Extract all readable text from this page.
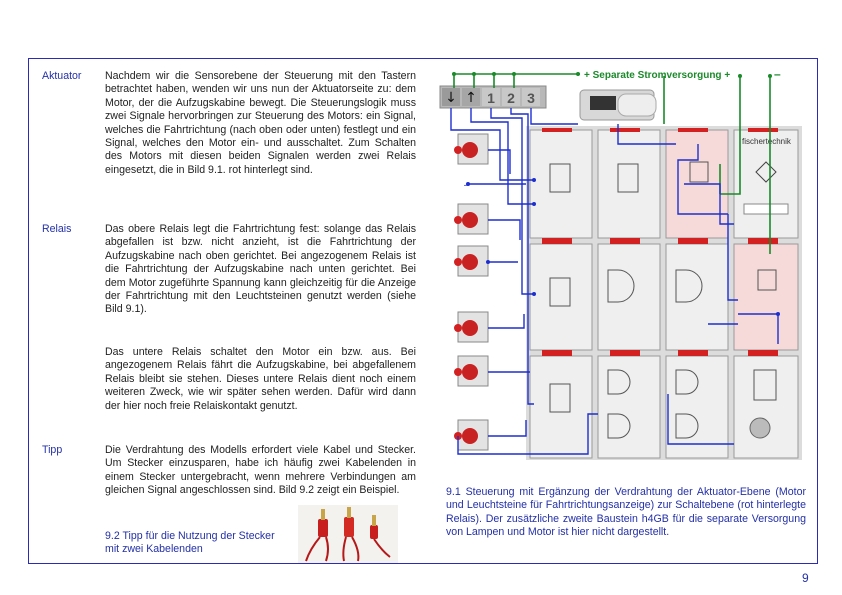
Aktuator Nachdem wir die Sensorebene der Steuerung mit den Tastern betrachtet haben, wenden wir uns nun der Aktuatorseite zu: dem Motor, der die Aufzugskabine bewegt. Die Steuerungslogik muss zwei Signale hervorbringen zur Steuerung des Motors: ein Signal, welches die Fahrtrichtung (nach oben oder unten) festlegt und ein Signal, welches den Motor ein- und ausschaltet. Zum Schalten des Motors mit diesen beiden Signalen werden zwei Relais eingesetzt, die in Bild 9.1. rot hinterlegt sind.

Relais	Das obere Relais legt die Fahrtrichtung fest: solange das Relais abgefallen ist bzw. nicht anzieht, ist die Fahrtrichtung der Aufzugskabine nach oben gerichtet. Bei angezogenem Relais ist die Fahrtrichtung der Aufzugskabine nach unten gerichtet. Bei dem Motor zugeführte Spannung kann gleichzeitig für die Anzeige der Fahrtrichtung mit den Leuchtsteinen genutzt werden (siehe Bild 9.1).

Das untere Relais schaltet den Motor ein bzw. aus. Bei angezogenem Relais fährt die Aufzugskabine, bei abgefallenem Relais bleibt sie stehen. Dieses untere Relais dient noch einem weiteren Zweck, wie wir später sehen werden. Dafür wird dann der hier noch freie Relaiskontakt genutzt.

Tipp	Die Verdrahtung des Modells erfordert viele Kabel und Stecker. Um Stecker einzusparen, habe ich häufig zwei Kabelenden in einem Stecker untergebracht, wenn mehrere Verbindungen am gleichen Signal angeschlossen sind. Bild 9.2 zeigt ein Beispiel.

9.2 Tipp für die Nutzung der Stecker mit zwei Kabelenden
fischertechnik
↓ ↑ 1 2 3
+ Separate Stromversorgung +	–
–
9.1 Steuerung mit Ergänzung der Verdrahtung der Aktuator-Ebene (Motor und Leuchtsteine für Fahrtrichtungsanzeige) zur Schaltebene (rot hinterlegte Relais). Der zusätzliche zweite Baustein h4GB für die separate Versorgung von Lampen und Motor ist hier nicht dargestellt.
9
